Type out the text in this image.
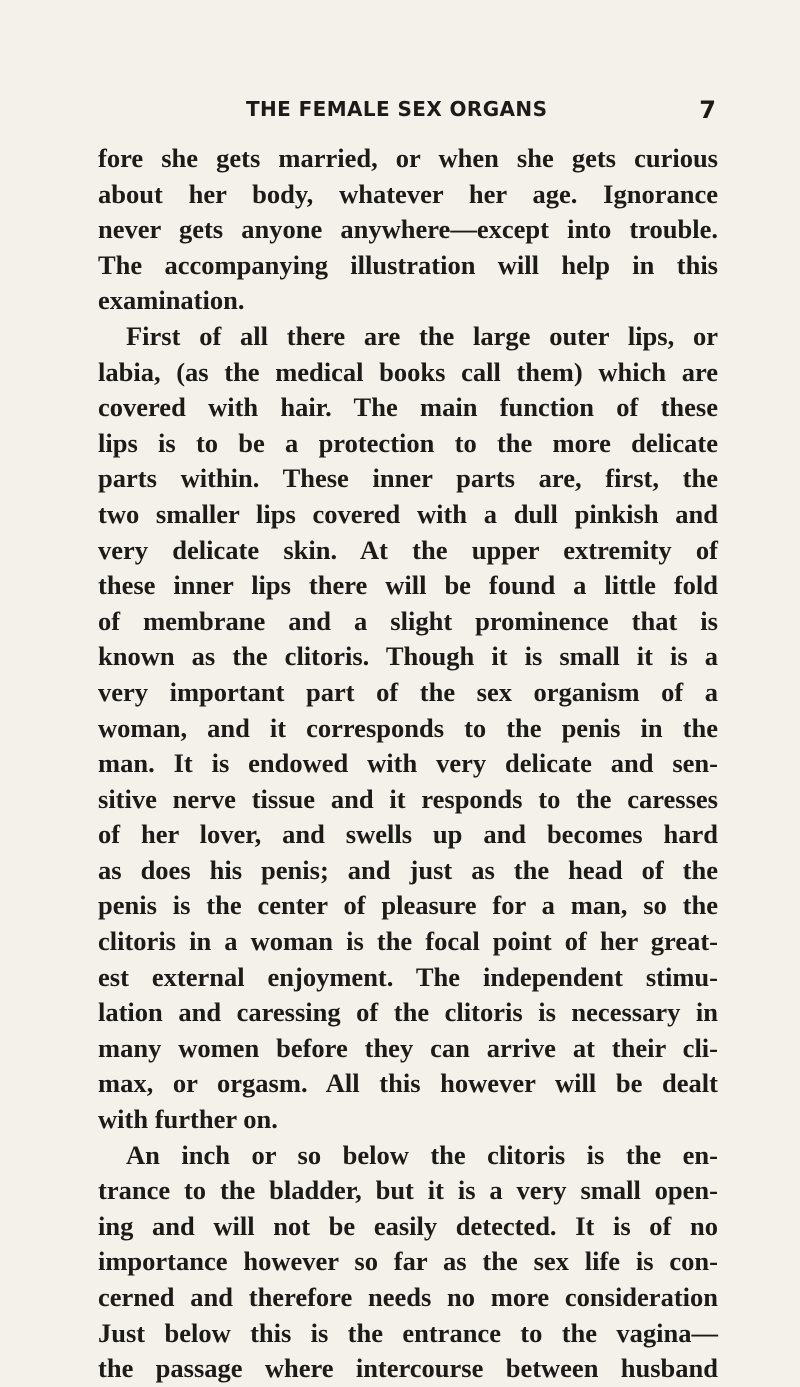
THE FEMALE SEX ORGANS	7
fore she gets married, or when she gets curious
about her body, whatever her age. Ignorance
never gets anyone anywhere—except into trouble.
The accompanying illustration will help in this
examination.
First of all there are the large outer lips, or
labia, (as the medical books call them) which are
covered with hair. The main function of these
lips is to be a protection to the more delicate
parts within. These inner parts are, first, the
two smaller lips covered with a dull pinkish and
very delicate skin. At the upper extremity of
these inner lips there will be found a little fold
of membrane and a slight prominence that is
known as the clitoris. Though it is small it is a
very important part of the sex organism of a
woman, and it corresponds to the penis in the
man. It is endowed with very delicate and sen-
sitive nerve tissue and it responds to the caresses
of her lover, and swells up and becomes hard
as does his penis; and just as the head of the
penis is the center of pleasure for a man, so the
clitoris in a woman is the focal point of her great-
est external enjoyment. The independent stimu-
lation and caressing of the clitoris is necessary in
many women before they can arrive at their cli-
max, or orgasm. All this however will be dealt
with further on.
An inch or so below the clitoris is the en-
trance to the bladder, but it is a very small open-
ing and will not be easily detected. It is of no
importance however so far as the sex life is con-
cerned and therefore needs no more consideration
Just below this is the entrance to the vagina—
the passage where intercourse between husband
